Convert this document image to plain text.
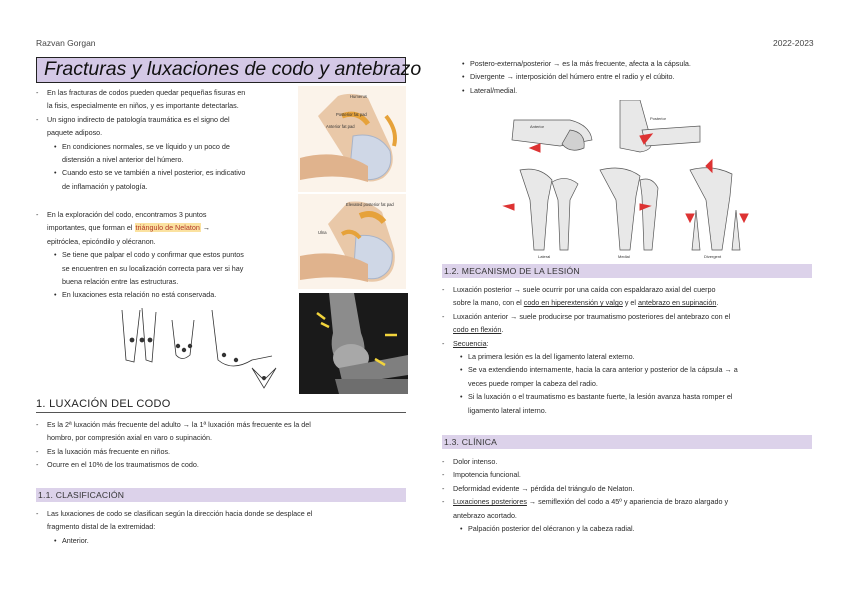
Razvan Gorgan	2022-2023
Fracturas y luxaciones de codo y antebrazo
- En las fracturas de codos pueden quedar pequeñas fisuras en
la fisis, especialmente en niños, y es importante detectarlas.
- Un signo indirecto de patología traumática es el signo del
paquete adiposo.
• En condiciones normales, se ve líquido y un poco de
distensión a nivel anterior del húmero.
• Cuando esto se ve también a nivel posterior, es indicativo
de inflamación y patología.
- En la exploración del codo, encontramos 3 puntos
importantes, que forman el triángulo de Nelaton →
epitróclea, epicóndilo y olécranon.
• Se tiene que palpar el codo y confirmar que estos puntos
se encuentren en su localización correcta para ver si hay
buena relación entre las estructuras.
• En luxaciones esta relación no está conservada.
Humerus
Posterior fat pad
Anterior fat pad
Elevated posterior fat pad
Ulna
1. LUXACIÓN DEL CODO
- Es la 2ª luxación más frecuente del adulto → la 1ª luxación más frecuente es la del
hombro, por compresión axial en varo o supinación.
- Es la luxación más frecuente en niños.
- Ocurre en el 10% de los traumatismos de codo.
1.1. CLASIFICACIÓN
- Las luxaciones de codo se clasifican según la dirección hacia donde se desplace el
fragmento distal de la extremidad:
• Anterior.
• Postero-externa/posterior → es la más frecuente, afecta a la cápsula.
• Divergente → interposición del húmero entre el radio y el cúbito.
• Lateral/medial.
Anterior
Posterior
Lateral	Medial	Divergent
1.2. MECANISMO DE LA LESIÓN
- Luxación posterior → suele ocurrir por una caída con espaldarazo axial del cuerpo
sobre la mano, con el codo en hiperextensión y valgo y el antebrazo en supinación.
- Luxación anterior → suele producirse por traumatismo posteriores del antebrazo con el
codo en flexión.
- Secuencia:
• La primera lesión es la del ligamento lateral externo.
• Se va extendiendo internamente, hacia la cara anterior y posterior de la cápsula → a
veces puede romper la cabeza del radio.
• Si la luxación o el traumatismo es bastante fuerte, la lesión avanza hasta romper el
ligamento lateral interno.
1.3. CLÍNICA
- Dolor intenso.
- Impotencia funcional.
- Deformidad evidente → pérdida del triángulo de Nelaton.
- Luxaciones posteriores → semiflexión del codo a 45º y apariencia de brazo alargado y
antebrazo acortado.
• Palpación posterior del olécranon y la cabeza radial.
